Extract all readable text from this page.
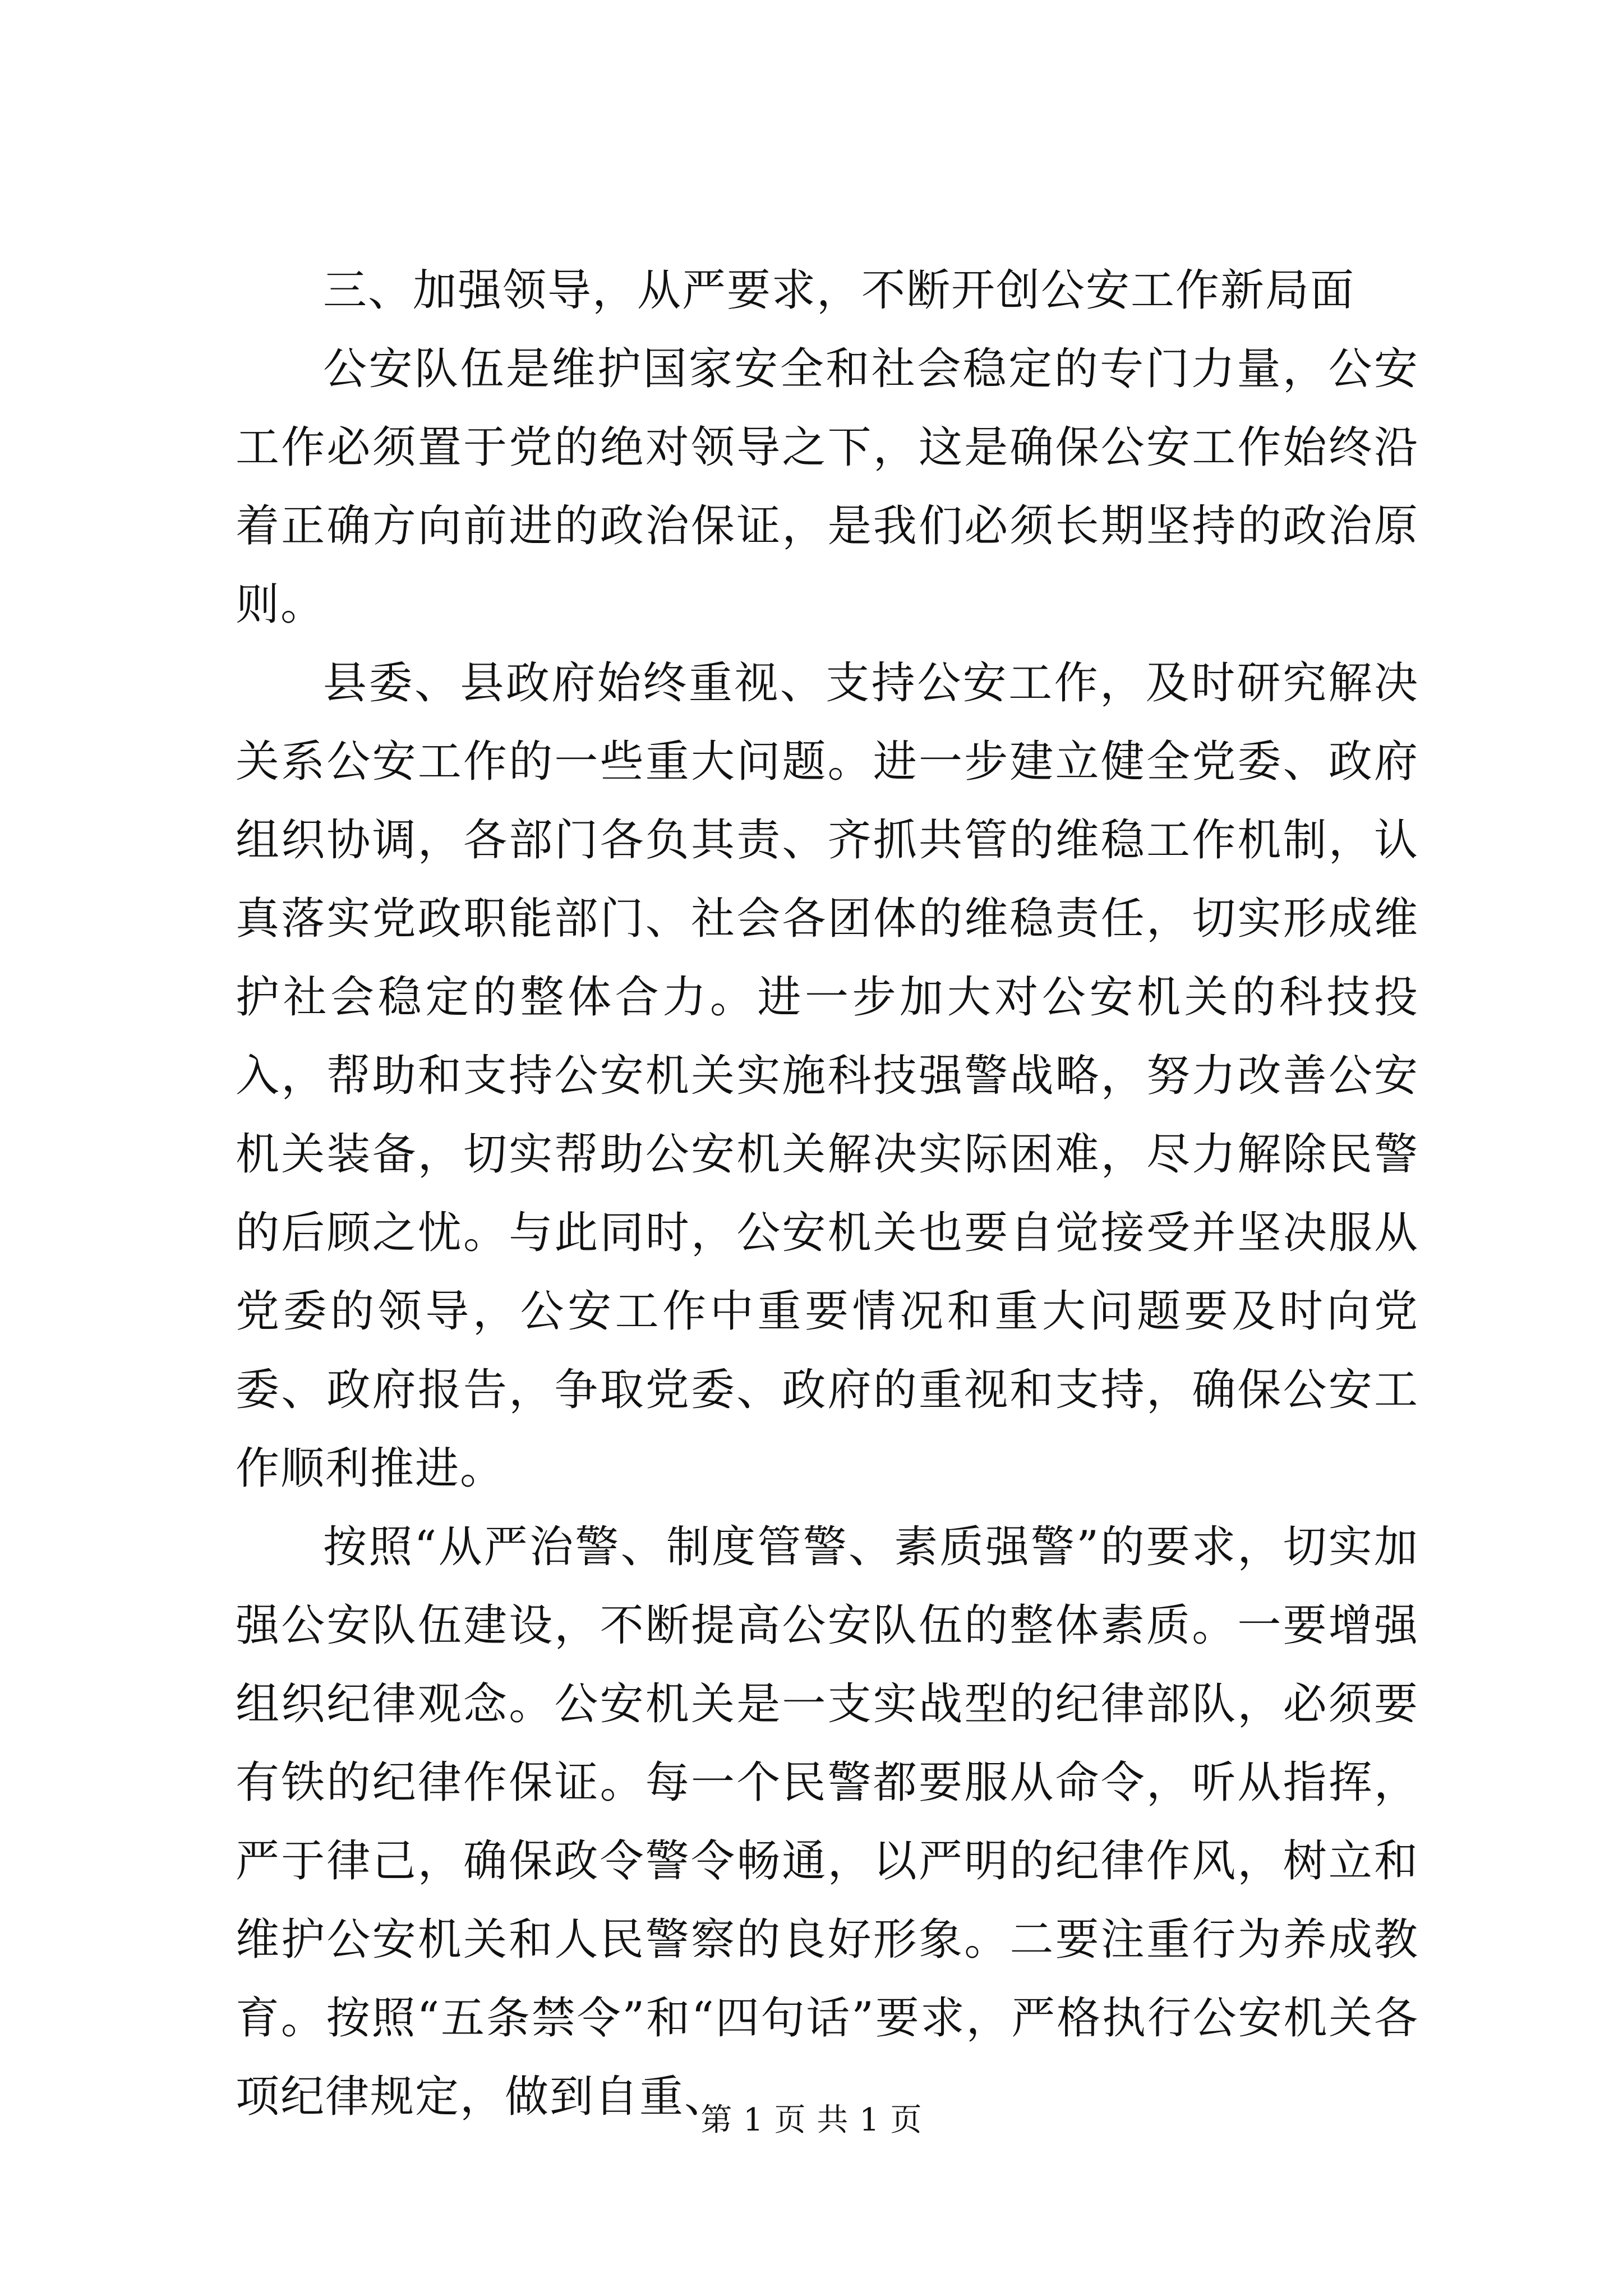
三、加强领导，从严要求，不断开创公安工作新局面

公安队伍是维护国家安全和社会稳定的专门力量，公安工作必须置于党的绝对领导之下，这是确保公安工作始终沿着正确方向前进的政治保证，是我们必须长期坚持的政治原则。

县委、县政府始终重视、支持公安工作，及时研究解决关系公安工作的一些重大问题。进一步建立健全党委、政府组织协调，各部门各负其责、齐抓共管的维稳工作机制，认真落实党政职能部门、社会各团体的维稳责任，切实形成维护社会稳定的整体合力。进一步加大对公安机关的科技投入，帮助和支持公安机关实施科技强警战略，努力改善公安机关装备，切实帮助公安机关解决实际困难，尽力解除民警的后顾之忧。与此同时，公安机关也要自觉接受并坚决服从党委的领导，公安工作中重要情况和重大问题要及时向党委、政府报告，争取党委、政府的重视和支持，确保公安工作顺利推进。

按照“从严治警、制度管警、素质强警”的要求，切实加强公安队伍建设，不断提高公安队伍的整体素质。一要增强组织纪律观念。公安机关是一支实战型的纪律部队，必须要有铁的纪律作保证。每一个民警都要服从命令，听从指挥，严于律己，确保政令警令畅通，以严明的纪律作风，树立和维护公安机关和人民警察的良好形象。二要注重行为养成教育。按照“五条禁令”和“四句话”要求，严格执行公安机关各项纪律规定，做到自重、

第 1 页 共 1 页
